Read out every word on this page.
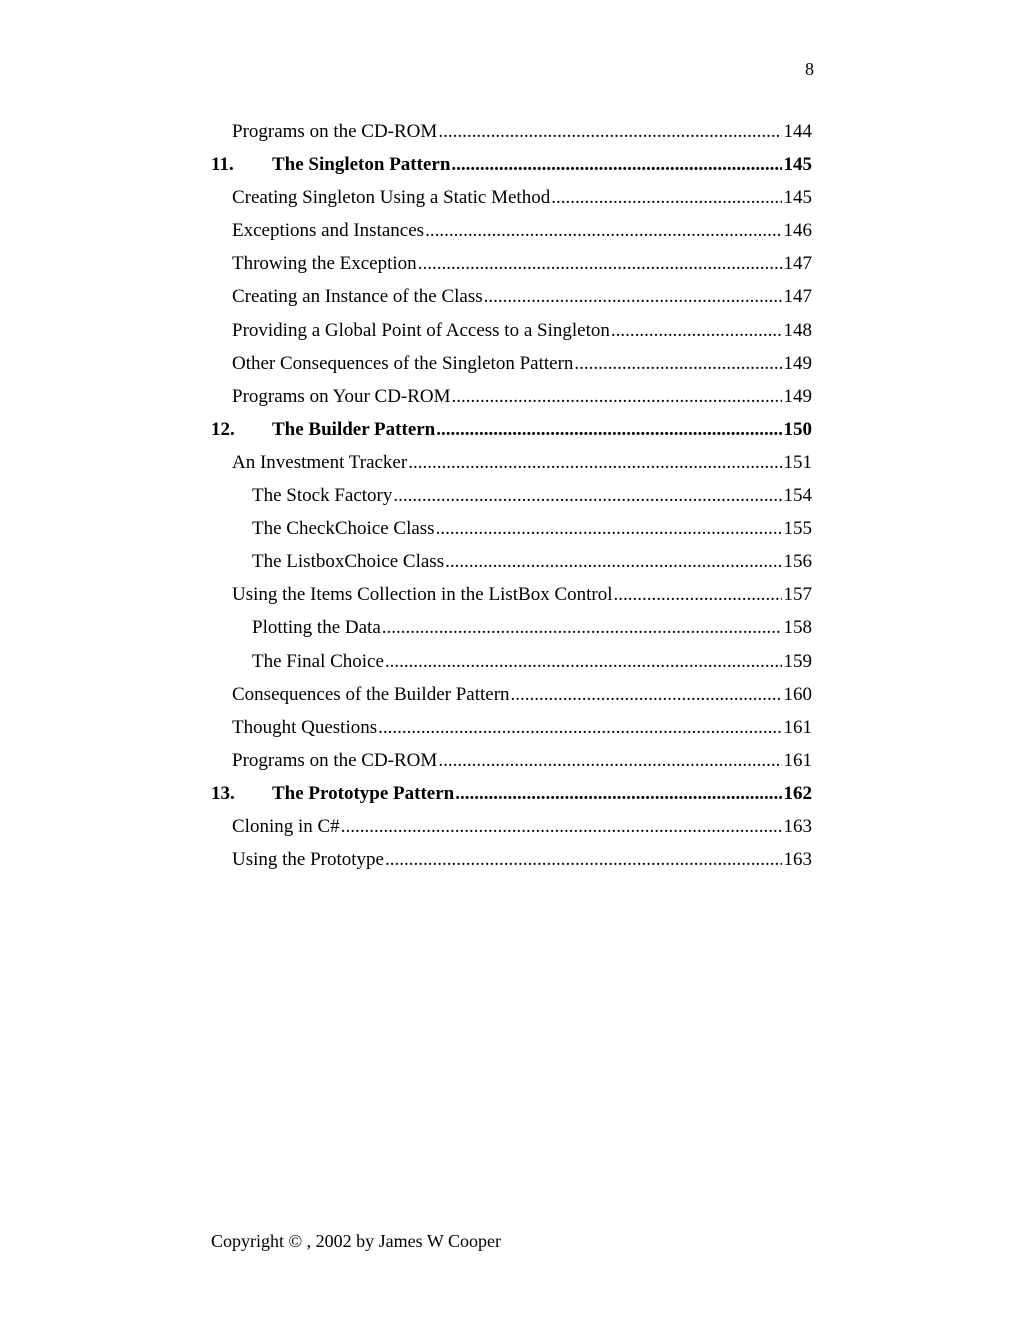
8
Programs on the CD-ROM .....	144
11.	The Singleton Pattern .....	145
Creating Singleton Using a Static Method .....	145
Exceptions and Instances .....	146
Throwing the Exception .....	147
Creating an Instance of the Class .....	147
Providing a Global Point of Access to a Singleton .....	148
Other Consequences of the Singleton Pattern .....	149
Programs on Your CD-ROM .....	149
12.	The Builder Pattern .....	150
An Investment Tracker .....	151
The Stock Factory .....	154
The CheckChoice Class .....	155
The ListboxChoice Class .....	156
Using the Items Collection in the ListBox Control .....	157
Plotting the Data .....	158
The Final Choice .....	159
Consequences of the Builder Pattern .....	160
Thought Questions .....	161
Programs on the CD-ROM .....	161
13.	The Prototype Pattern .....	162
Cloning in C# .....	163
Using the Prototype .....	163
Copyright © , 2002 by James W Cooper
